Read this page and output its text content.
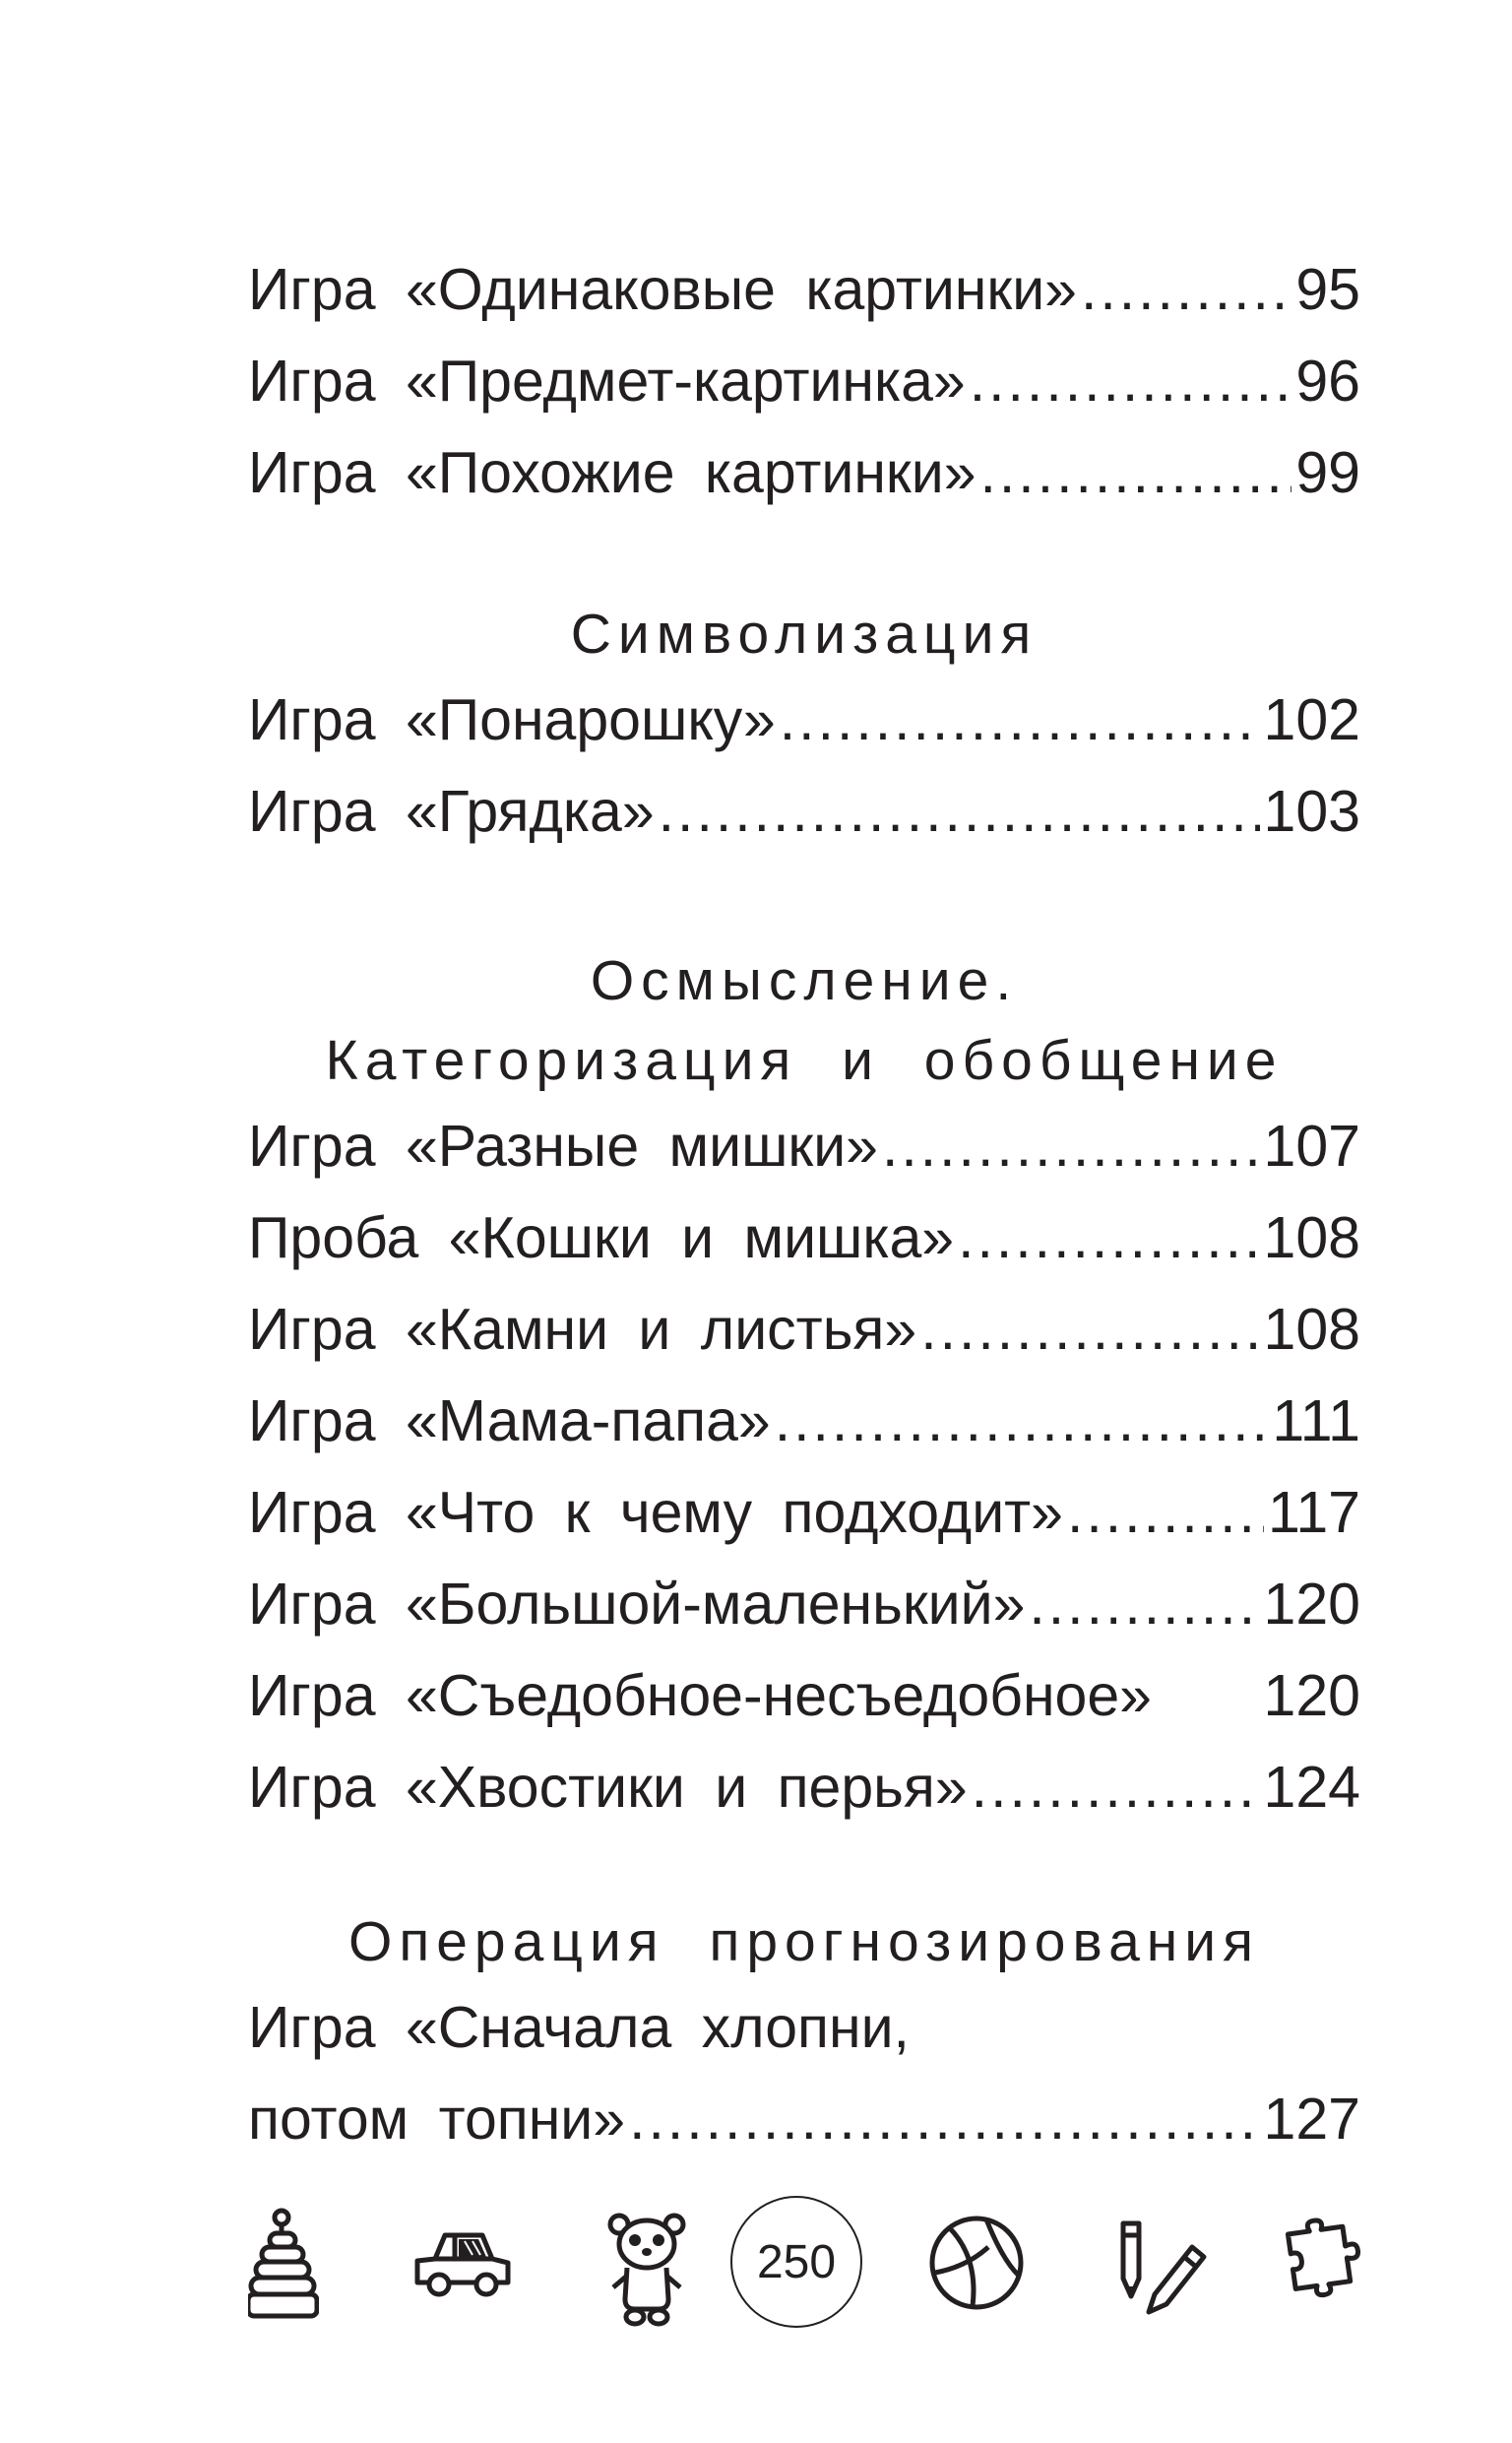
Игра «Одинаковые картинки» .....	95
Игра «Предмет-картинка» .....	96
Игра «Похожие картинки» .....	99
Символизация
Игра «Понарошку» .....	102
Игра «Грядка» .....	103
Осмысление.
Категоризация и обобщение
Игра «Разные мишки» .....	107
Проба «Кошки и мишка» .....	108
Игра «Камни и листья» .....	108
Игра «Мама-папа» .....	111
Игра «Что к чему подходит» .....	117
Игра «Большой-маленький» .....	120
Игра «Съедобное-несъедобное» 120
Игра «Хвостики и перья» .....	124
Операция прогнозирования
Игра «Сначала хлопни,
потом топни» .....	127
250
